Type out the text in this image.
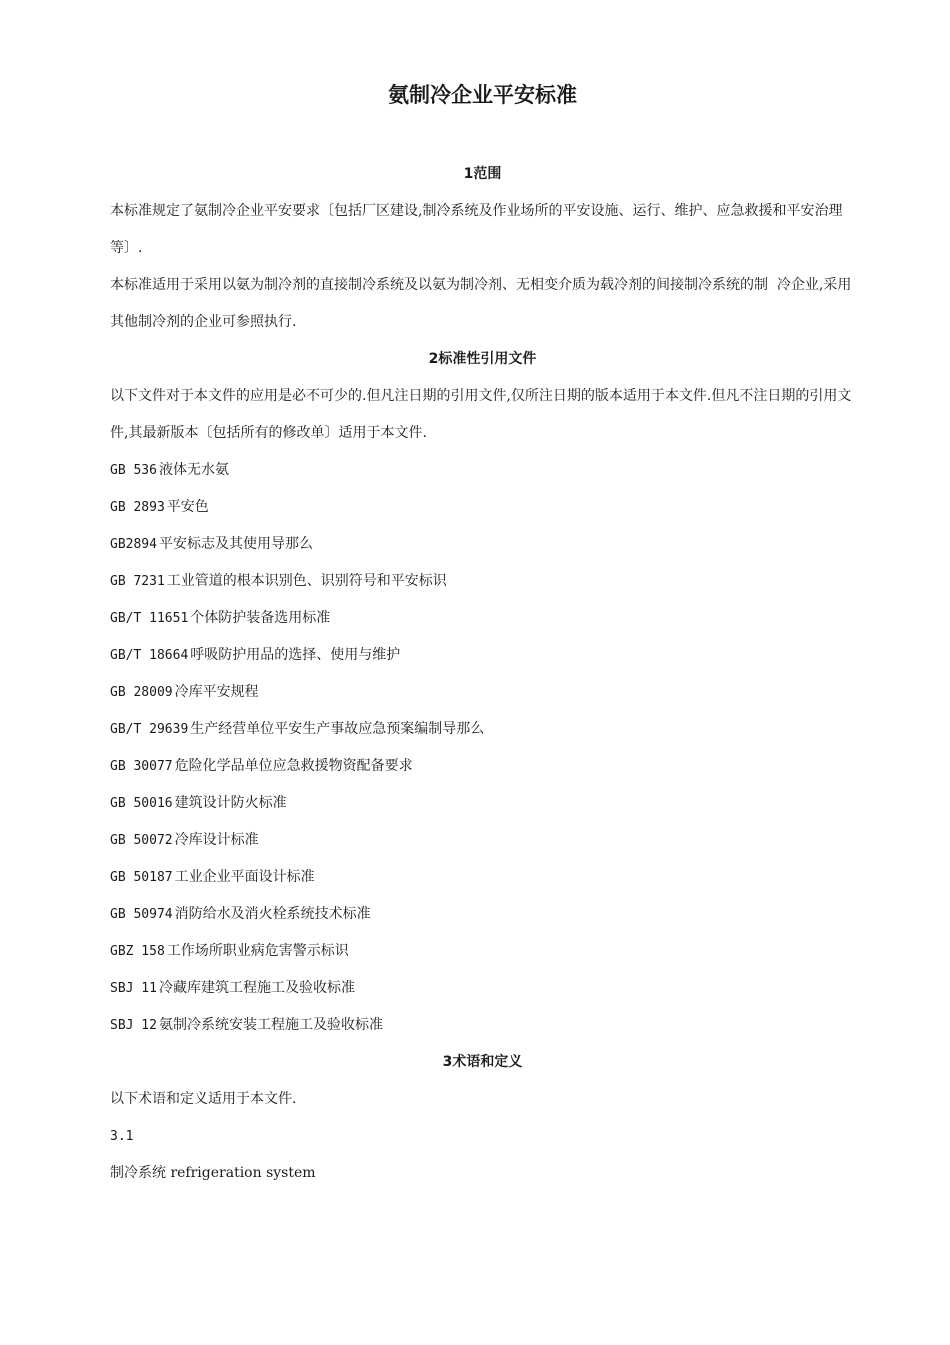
氨制冷企业平安标准
1范围

本标准规定了氨制冷企业平安要求〔包括厂区建设,制冷系统及作业场所的平安设施、运行、维护、应急救援和平安治理等〕.

本标准适用于采用以氨为制冷剂的直接制冷系统及以氨为制冷剂、无相变介质为载冷剂的间接制冷系统的制  冷企业,采用其他制冷剂的企业可参照执行.

2标准性引用文件

以下文件对于本文件的应用是必不可少的.但凡注日期的引用文件,仅所注日期的版本适用于本文件.但凡不注日期的引用文件,其最新版本〔包括所有的修改单〕适用于本文件.

GB 536 液体无水氨

GB 2893 平安色

GB2894 平安标志及其使用导那么

GB 7231 工业管道的根本识别色、识别符号和平安标识

GB/T 11651 个体防护装备选用标准

GB/T 18664 呼吸防护用品的选择、使用与维护

GB 28009 冷库平安规程

GB/T 29639 生产经营单位平安生产事故应急预案编制导那么

GB 30077 危险化学品单位应急救援物资配备要求

GB 50016 建筑设计防火标准

GB 50072 冷库设计标准

GB 50187 工业企业平面设计标准

GB 50974 消防给水及消火栓系统技术标准

GBZ 158 工作场所职业病危害警示标识

SBJ 11 冷藏库建筑工程施工及验收标准

SBJ 12 氨制冷系统安装工程施工及验收标准

3术语和定义

以下术语和定义适用于本文件.

3.1

制冷系统 refrigeration system
